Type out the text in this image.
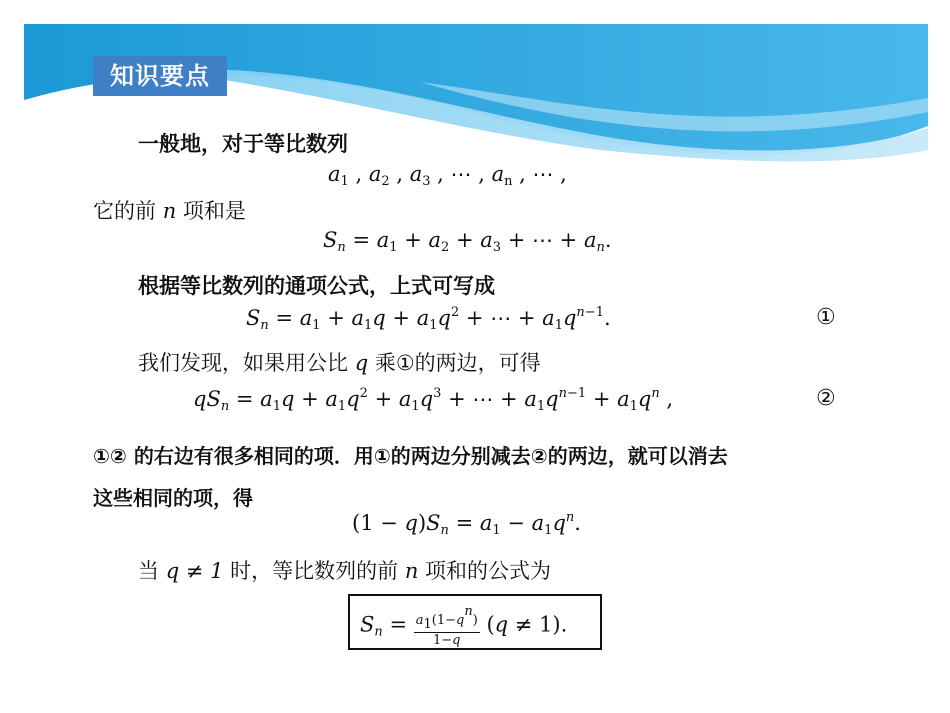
知识要点
一般地，对于等比数列
$a_1$ , $a_2$ , $a_3$ , ⋯ , $a_n$ , ⋯ ,
它的前 n 项和是
$S_n = a_1 + a_2 + a_3$ + ⋯ + $a_n$.
根据等比数列的通项公式，上式可写成
$S_n = a_1 + a_1q + a_1q^2$ + ⋯ + $a_1q^{n-1}$.	①
我们发现，如果用公比 q 乘①的两边，可得
$qS_n = a_1q + a_1q^2 + a_1q^3$ + ⋯ + $a_1q^{n-1} + a_1q^n$ ,	②
①② 的右边有很多相同的项．用①的两边分别减去②的两边，就可以消去
这些相同的项，得
$(1 - q)S_n = a_1 - a_1q^n$.
当 q ≠ 1 时，等比数列的前 n 项和的公式为
$S_n = \frac{a_1(1-q^n)}{1-q} (q \ne 1)$.
